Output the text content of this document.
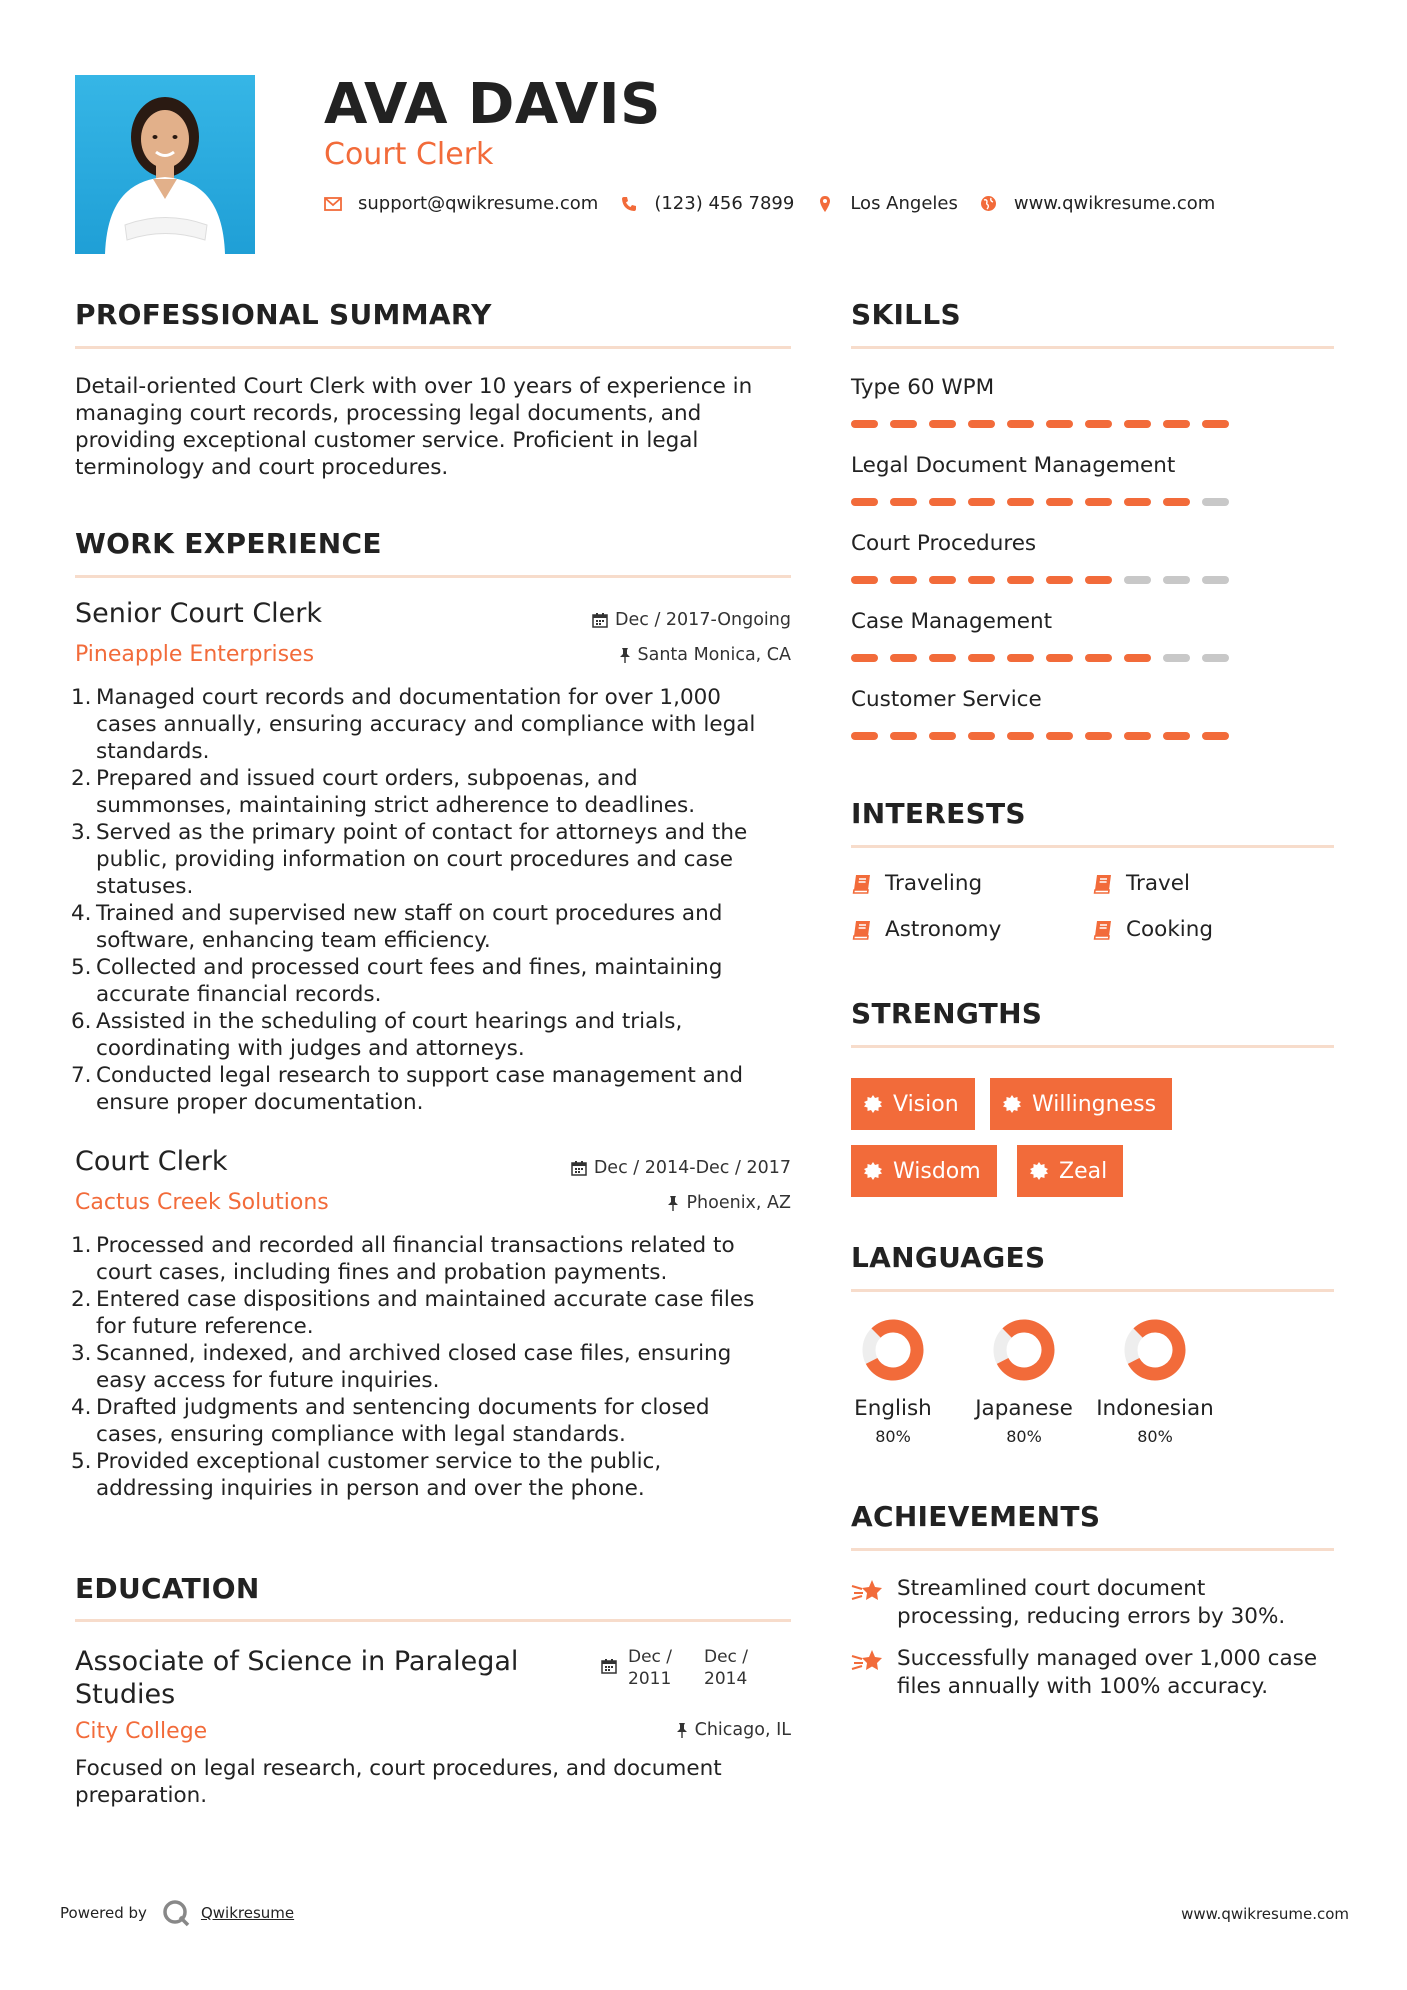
AVA DAVIS
Court Clerk
support@qwikresume.com	(123) 456 7899	Los Angeles	www.qwikresume.com
PROFESSIONAL SUMMARY
Detail-oriented Court Clerk with over 10 years of experience in
managing court records, processing legal documents, and
providing exceptional customer service. Proficient in legal
terminology and court procedures.
WORK EXPERIENCE
Senior Court Clerk	Dec / 2017-Ongoing
Pineapple Enterprises	Santa Monica, CA
1. Managed court records and documentation for over 1,000
cases annually, ensuring accuracy and compliance with legal
standards.
2. Prepared and issued court orders, subpoenas, and
summonses, maintaining strict adherence to deadlines.
3. Served as the primary point of contact for attorneys and the
public, providing information on court procedures and case
statuses.
4. Trained and supervised new staff on court procedures and
software, enhancing team efficiency.
5. Collected and processed court fees and fines, maintaining
accurate financial records.
6. Assisted in the scheduling of court hearings and trials,
coordinating with judges and attorneys.
7. Conducted legal research to support case management and
ensure proper documentation.
Court Clerk	Dec / 2014-Dec / 2017
Cactus Creek Solutions	Phoenix, AZ
1. Processed and recorded all financial transactions related to
court cases, including fines and probation payments.
2. Entered case dispositions and maintained accurate case files
for future reference.
3. Scanned, indexed, and archived closed case files, ensuring
easy access for future inquiries.
4. Drafted judgments and sentencing documents for closed
cases, ensuring compliance with legal standards.
5. Provided exceptional customer service to the public,
addressing inquiries in person and over the phone.
EDUCATION
Associate of Science in Paralegal
Studies
Dec /
2011
Dec /
2014
City College	Chicago, IL
Focused on legal research, court procedures, and document
preparation.
SKILLS
Type 60 WPM
Legal Document Management
Court Procedures
Case Management
Customer Service
INTERESTS
Traveling	Travel
Astronomy	Cooking
STRENGTHS
Vision	Willingness
Wisdom	Zeal
LANGUAGES
English
80%
Japanese
80%
Indonesian
80%
ACHIEVEMENTS
Streamlined court document
processing, reducing errors by 30%.
Successfully managed over 1,000 case
files annually with 100% accuracy.
Powered by	Qwikresume	www.qwikresume.com
